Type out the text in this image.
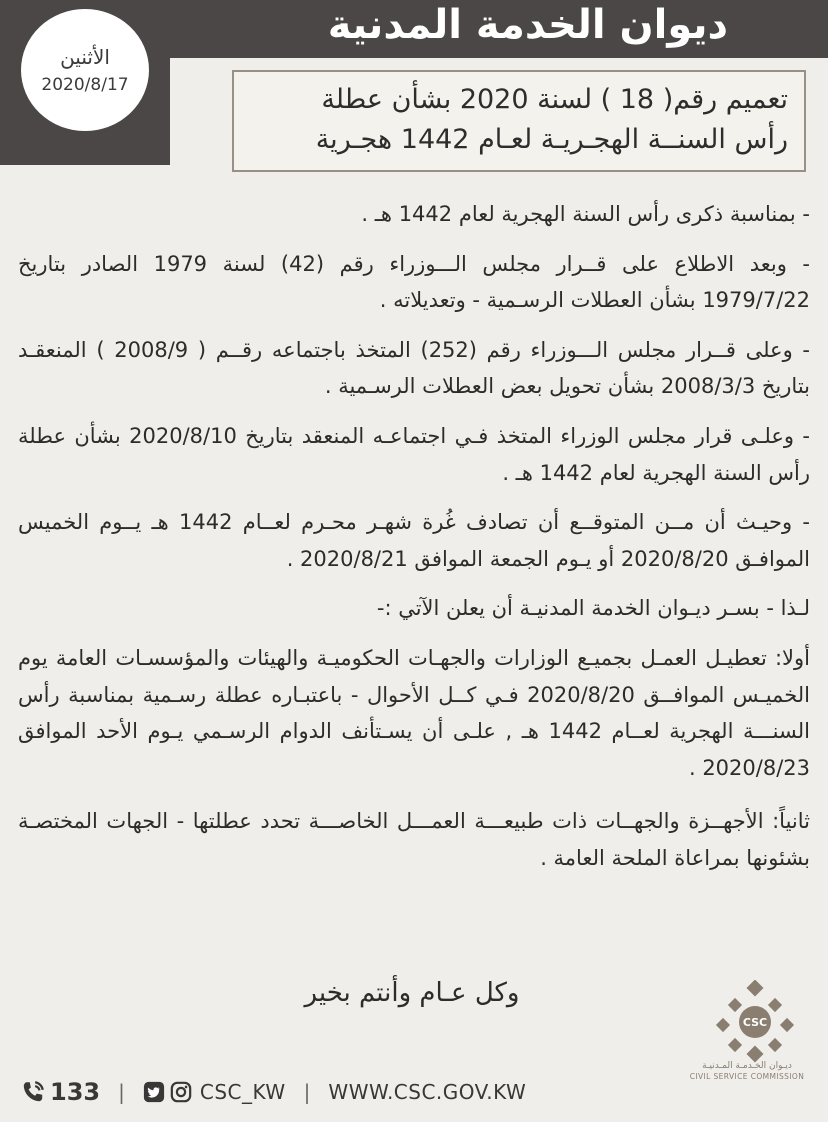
ديوان الخدمة المدنية
الأثنين
2020/8/17	تعميم رقم( 18 ) لسنة 2020 بشأن عطلة
رأس السنــة الهجـريـة لعـام 1442 هجـرية

- بمناسبة ذكرى رأس السنة الهجرية لعام 1442 هـ .

- وبعد الاطلاع على قــرار مجلس الـــوزراء رقم (42) لسنة 1979 الصادر بتاريخ 1979/7/22 بشأن العطلات الرسـمية - وتعديلاته .

- وعلى قــرار مجلس الـــوزراء رقم (252) المتخذ باجتماعه رقــم ( 2008/9 ) المنعقـد بتاريخ 2008/3/3 بشأن تحويل بعض العطلات الرسـمية .

- وعلـى قرار مجلس الوزراء المتخذ فـي اجتماعـه المنعقد بتاريخ 2020/8/10 بشأن عطلة رأس السنة الهجرية لعام 1442 هـ .

- وحيـث أن مــن المتوقــع أن تصادف غُرة شهـر محـرم لعــام 1442 هـ يــوم الخميس الموافـق 2020/8/20 أو يـوم الجمعة الموافق 2020/8/21 .

لـذا - بسـر ديـوان الخدمة المدنيـة أن يعلن الآتي :-

أولا: تعطيـل العمـل بجميـع الوزارات والجهـات الحكوميـة والهيئات والمؤسسـات العامة يوم الخميـس الموافــق 2020/8/20 فـي كــل الأحوال - باعتبـاره عطلة رسـمية بمناسبة رأس السنـــة الهجرية لعــام 1442 هـ , علـى أن يسـتأنف الدوام الرسـمي يـوم الأحد الموافق 2020/8/23 .

ثانياً: الأجهــزة والجهــات ذات طبيعـــة العمـــل الخاصـــة تحدد عطلتها - الجهات المختصـة بشئونها بمراعاة الملحة العامة .

وكل عـام وأنتم بخير
CSC
ديـوان الخـدمـة المـدنيـة
CIVIL SERVICE COMMISSION
133 |	CSC_KW | WWW.CSC.GOV.KW
